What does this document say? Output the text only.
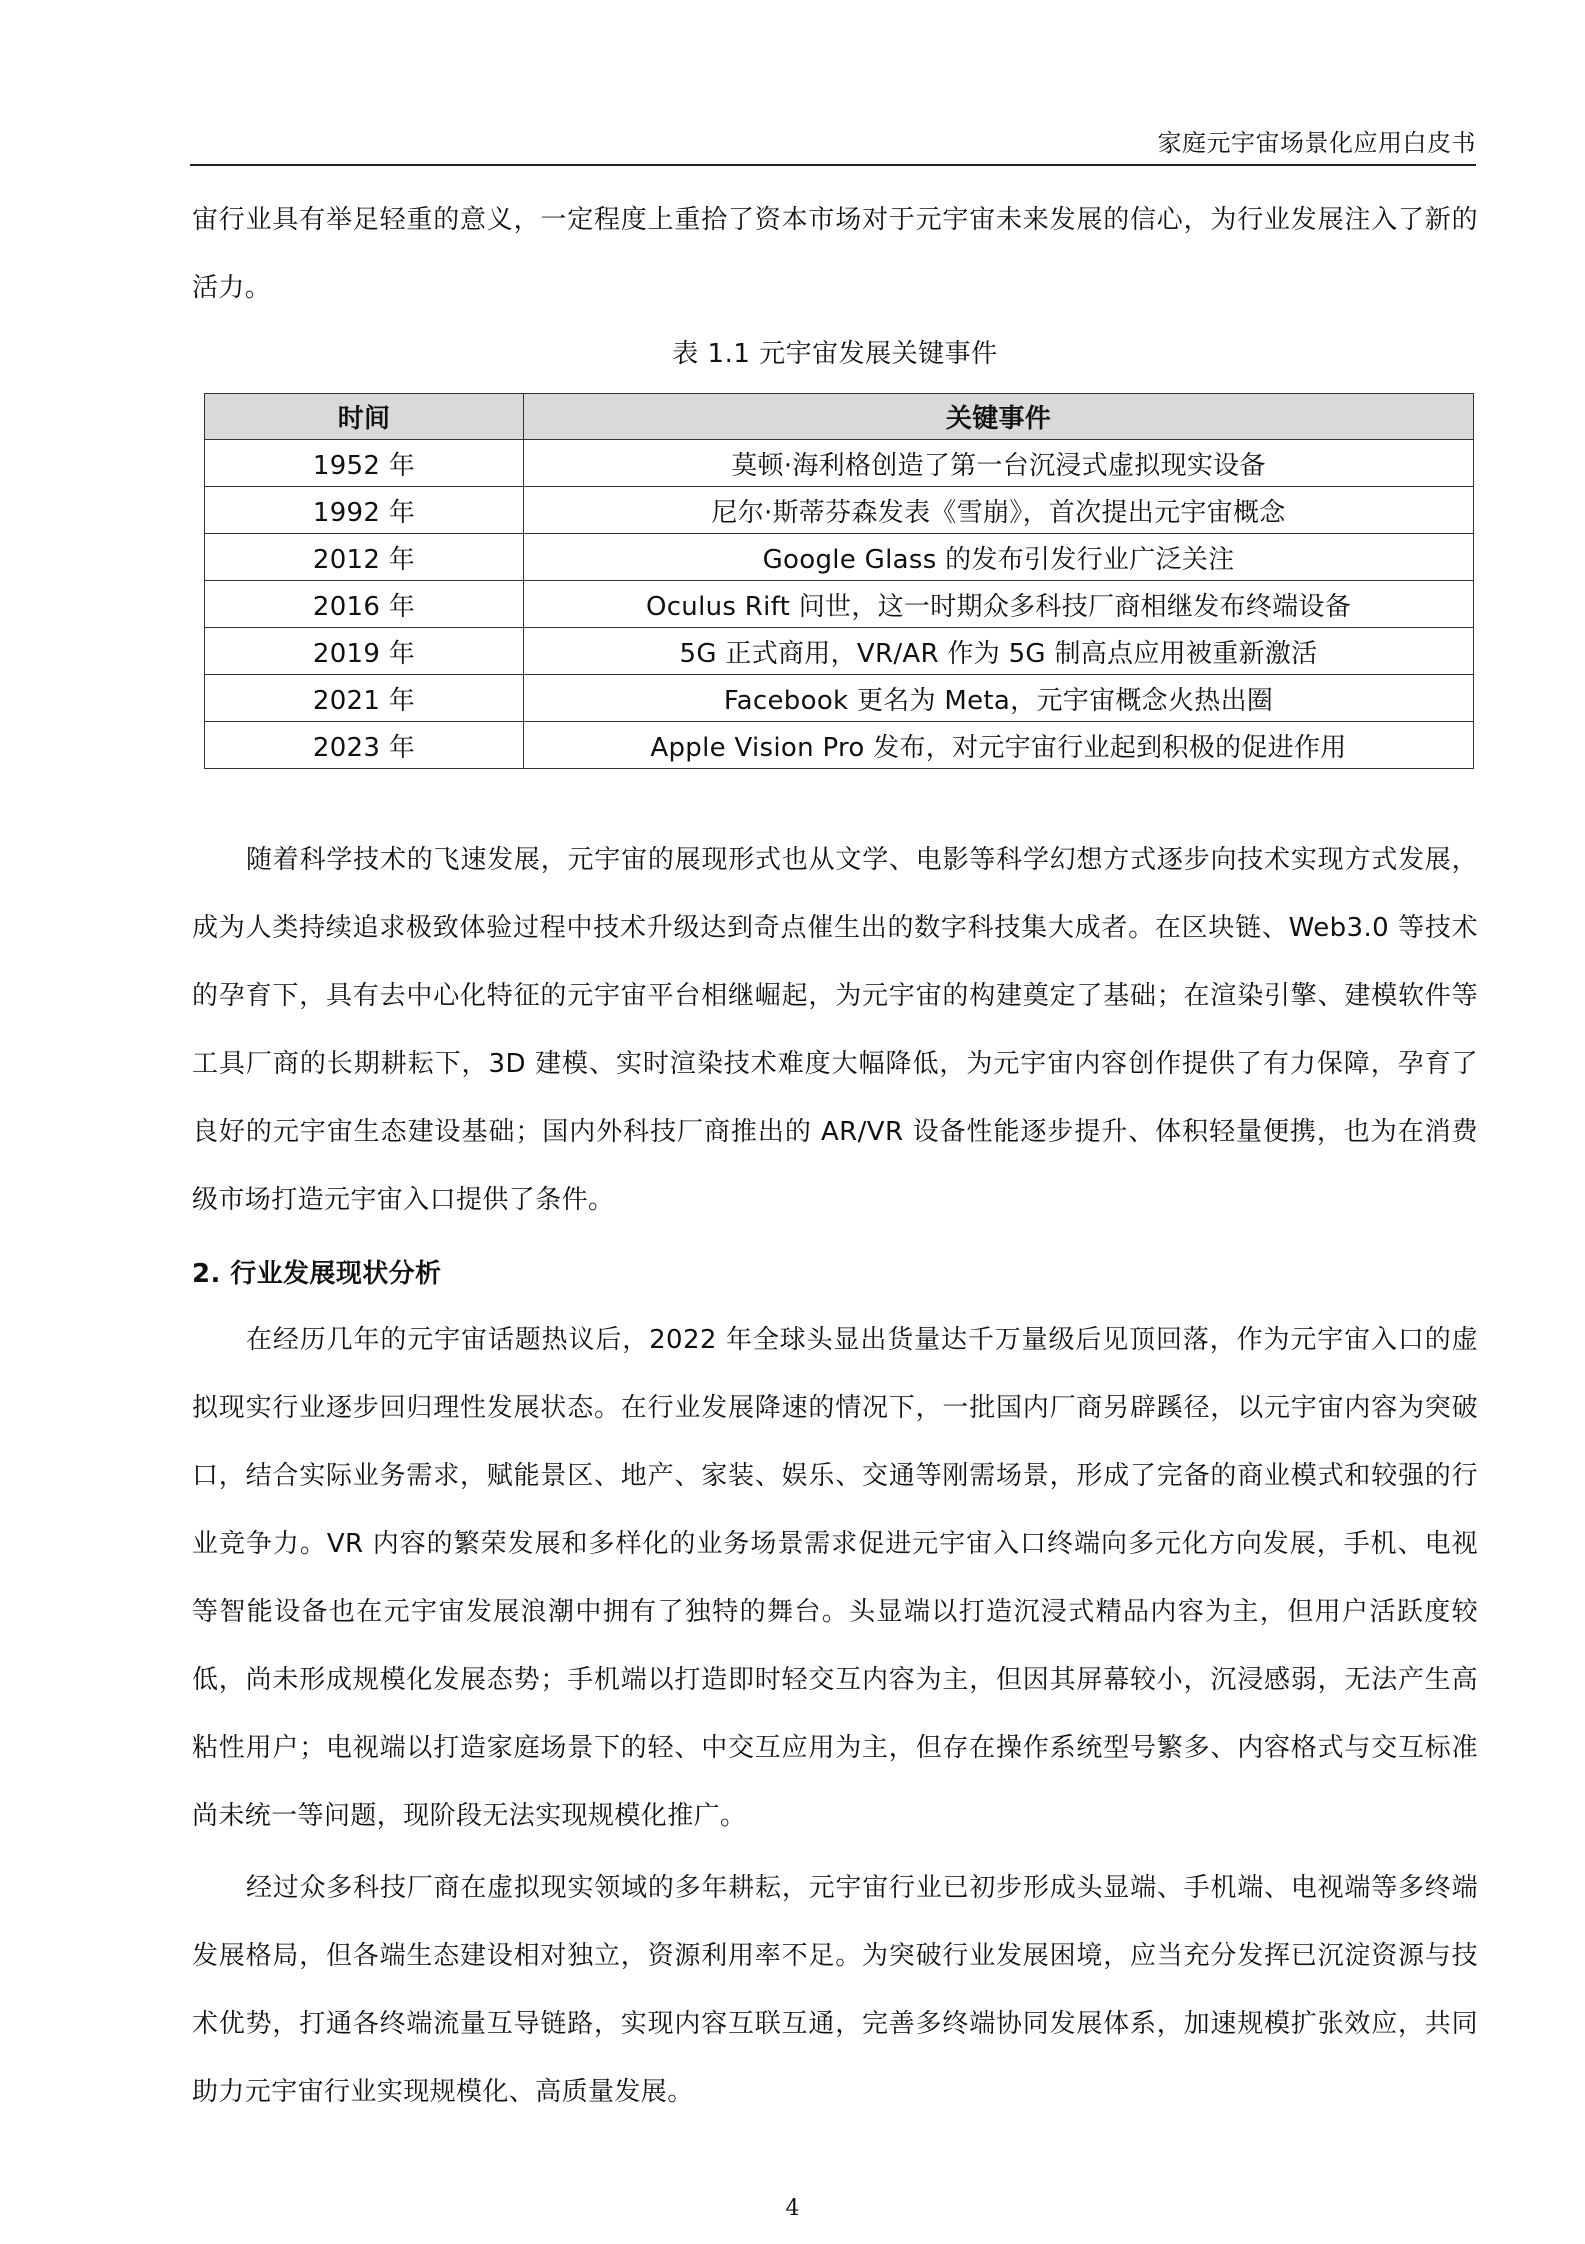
家庭元宇宙场景化应用白皮书

宙行业具有举足轻重的意义，一定程度上重拾了资本市场对于元宇宙未来发展的信心，为行业发展注入了新的活力。

表 1.1 元宇宙发展关键事件
时间	关键事件
1952 年	莫顿·海利格创造了第一台沉浸式虚拟现实设备
1992 年	尼尔·斯蒂芬森发表《雪崩》，首次提出元宇宙概念
2012 年	Google Glass 的发布引发行业广泛关注
2016 年	Oculus Rift 问世，这一时期众多科技厂商相继发布终端设备
2019 年	5G 正式商用，VR/AR 作为 5G 制高点应用被重新激活
2021 年	Facebook 更名为 Meta，元宇宙概念火热出圈
2023 年	Apple Vision Pro 发布，对元宇宙行业起到积极的促进作用

随着科学技术的飞速发展，元宇宙的展现形式也从文学、电影等科学幻想方式逐步向技术实现方式发展，成为人类持续追求极致体验过程中技术升级达到奇点催生出的数字科技集大成者。在区块链、Web3.0 等技术的孕育下，具有去中心化特征的元宇宙平台相继崛起，为元宇宙的构建奠定了基础；在渲染引擎、建模软件等工具厂商的长期耕耘下，3D 建模、实时渲染技术难度大幅降低，为元宇宙内容创作提供了有力保障，孕育了良好的元宇宙生态建设基础；国内外科技厂商推出的 AR/VR 设备性能逐步提升、体积轻量便携，也为在消费级市场打造元宇宙入口提供了条件。

2. 行业发展现状分析

在经历几年的元宇宙话题热议后，2022 年全球头显出货量达千万量级后见顶回落，作为元宇宙入口的虚拟现实行业逐步回归理性发展状态。在行业发展降速的情况下，一批国内厂商另辟蹊径，以元宇宙内容为突破口，结合实际业务需求，赋能景区、地产、家装、娱乐、交通等刚需场景，形成了完备的商业模式和较强的行业竞争力。VR 内容的繁荣发展和多样化的业务场景需求促进元宇宙入口终端向多元化方向发展，手机、电视等智能设备也在元宇宙发展浪潮中拥有了独特的舞台。头显端以打造沉浸式精品内容为主，但用户活跃度较低，尚未形成规模化发展态势；手机端以打造即时轻交互内容为主，但因其屏幕较小，沉浸感弱，无法产生高粘性用户；电视端以打造家庭场景下的轻、中交互应用为主，但存在操作系统型号繁多、内容格式与交互标准尚未统一等问题，现阶段无法实现规模化推广。

经过众多科技厂商在虚拟现实领域的多年耕耘，元宇宙行业已初步形成头显端、手机端、电视端等多终端发展格局，但各端生态建设相对独立，资源利用率不足。为突破行业发展困境，应当充分发挥已沉淀资源与技术优势，打通各终端流量互导链路，实现内容互联互通，完善多终端协同发展体系，加速规模扩张效应，共同助力元宇宙行业实现规模化、高质量发展。

4
